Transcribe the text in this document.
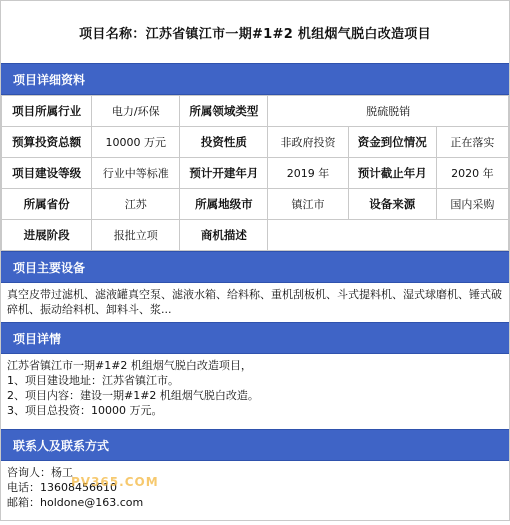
项目名称：江苏省镇江市一期#1#2 机组烟气脱白改造项目
项目详细资料
项目所属行业	电力/环保	所属领域类型	脱硫脱销		
预算投资总额	10000 万元	投资性质	非政府投资	资金到位情况	正在落实
项目建设等级	行业中等标准	预计开建年月	2019 年	预计截止年月	2020 年
所属省份	江苏	所属地级市	镇江市	设备来源	国内采购
进展阶段	报批立项	商机描述			
项目主要设备
真空皮带过滤机、滤液罐真空泵、滤液水箱、给料称、重机刮板机、斗式提料机、湿式球磨机、锤式破碎机、振动给料机、卸料斗、浆...
项目详情

江苏省镇江市一期#1#2 机组烟气脱白改造项目，

1、项目建设地址：江苏省镇江市。

2、项目内容：建设一期#1#2 机组烟气脱白改造。

3、项目总投资：10000 万元。

联系人及联系方式

咨询人：杨工

电话：13608456610

邮箱：holdone@163.com

PV365.COM
